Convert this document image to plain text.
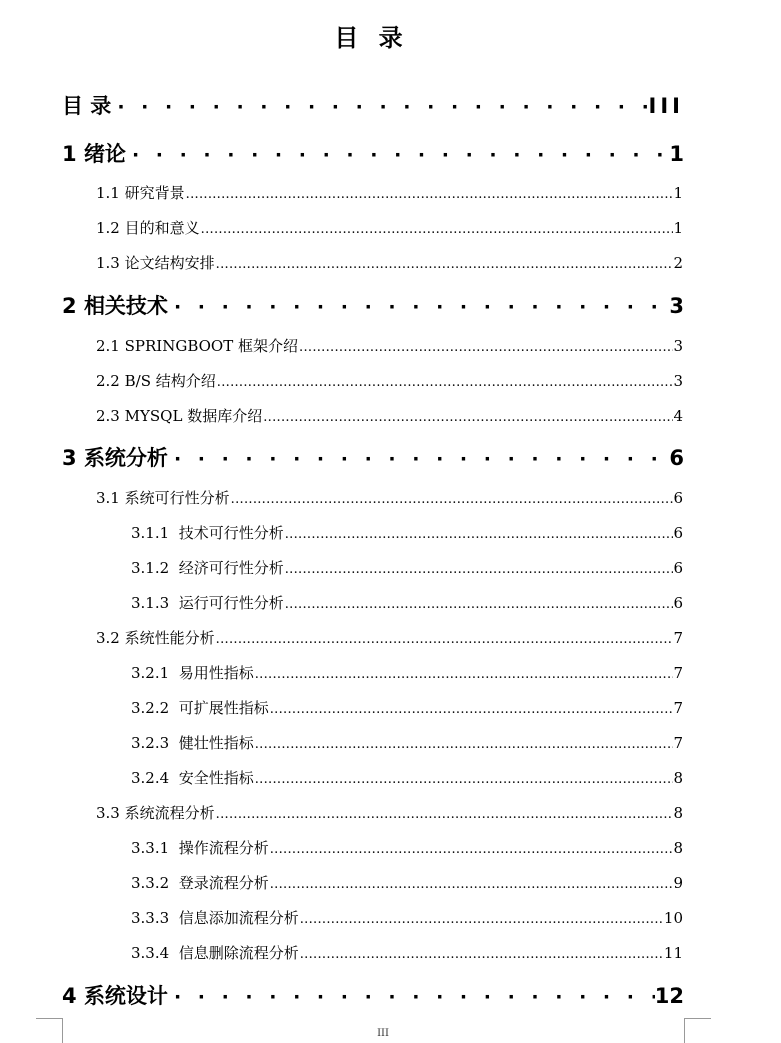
目 录
目 录 · · ·	III
1 绪论 · · ·	1
1.1 研究背景 .....	1
1.2 目的和意义 .....	1
1.3 论文结构安排 .....	2
2 相关技术 · · ·	3
2.1 SPRINGBOOT 框架介绍 .....	3
2.2 B/S 结构介绍 .....	3
2.3 MYSQL 数据库介绍 .....	4
3 系统分析 · · ·	6
3.1 系统可行性分析 .....	6
3.1.1 技术可行性分析 .....	6
3.1.2 经济可行性分析 .....	6
3.1.3 运行可行性分析 .....	6
3.2 系统性能分析 .....	7
3.2.1 易用性指标 .....	7
3.2.2 可扩展性指标 .....	7
3.2.3 健壮性指标 .....	7
3.2.4 安全性指标 .....	8
3.3 系统流程分析 .....	8
3.3.1 操作流程分析 .....	8
3.3.2 登录流程分析 .....	9
3.3.3 信息添加流程分析 .....	10
3.3.4 信息删除流程分析 .....	11
4 系统设计 · · ·	12
III
